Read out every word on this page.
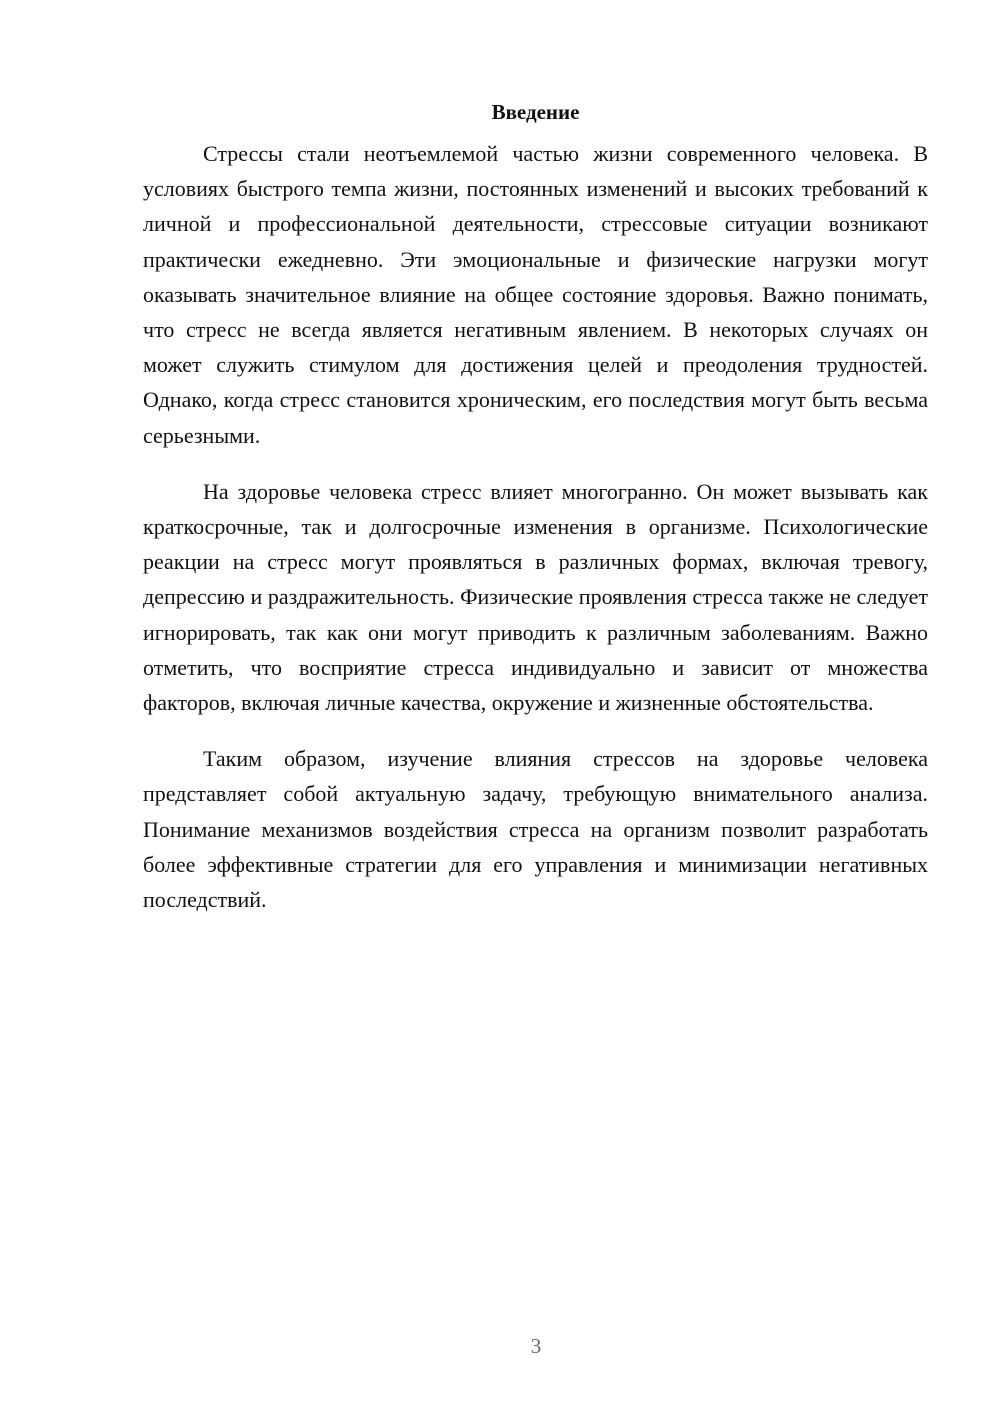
Введение

Стрессы стали неотъемлемой частью жизни современного человека. В условиях быстрого темпа жизни, постоянных изменений и высоких требований к личной и профессиональной деятельности, стрессовые ситуации возникают практически ежедневно. Эти эмоциональные и физические нагрузки могут оказывать значительное влияние на общее состояние здоровья. Важно понимать, что стресс не всегда является негативным явлением. В некоторых случаях он может служить стимулом для достижения целей и преодоления трудностей. Однако, когда стресс становится хроническим, его последствия могут быть весьма серьезными.

На здоровье человека стресс влияет многогранно. Он может вызывать как краткосрочные, так и долгосрочные изменения в организме. Психологические реакции на стресс могут проявляться в различных формах, включая тревогу, депрессию и раздражительность. Физические проявления стресса также не следует игнорировать, так как они могут приводить к различным заболеваниям. Важно отметить, что восприятие стресса индивидуально и зависит от множества факторов, включая личные качества, окружение и жизненные обстоятельства.

Таким образом, изучение влияния стрессов на здоровье человека представляет собой актуальную задачу, требующую внимательного анализа. Понимание механизмов воздействия стресса на организм позволит разработать более эффективные стратегии для его управления и минимизации негативных последствий.

3
